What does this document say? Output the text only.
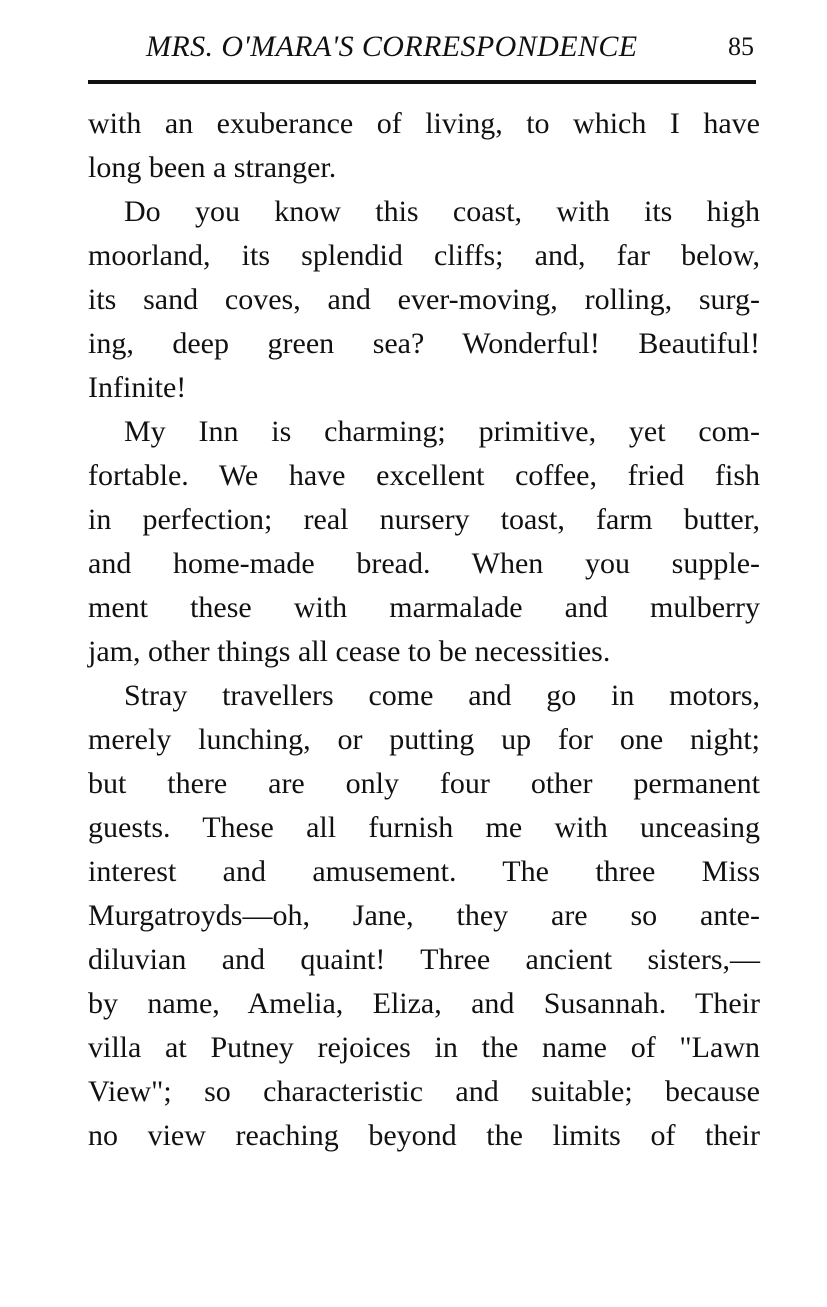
MRS. O'MARA'S CORRESPONDENCE	85

with an exuberance of living, to which I have
long been a stranger.

Do you know this coast, with its high
moorland, its splendid cliffs; and, far below,
its sand coves, and ever-moving, rolling, surg-
ing, deep green sea? Wonderful! Beautiful!
Infinite!

My Inn is charming; primitive, yet com-
fortable. We have excellent coffee, fried fish
in perfection; real nursery toast, farm butter,
and home-made bread. When you supple-
ment these with marmalade and mulberry
jam, other things all cease to be necessities.

Stray travellers come and go in motors,
merely lunching, or putting up for one night;
but there are only four other permanent
guests. These all furnish me with unceasing
interest and amusement. The three Miss
Murgatroyds—oh, Jane, they are so ante-
diluvian and quaint! Three ancient sisters,—
by name, Amelia, Eliza, and Susannah. Their
villa at Putney rejoices in the name of "Lawn
View"; so characteristic and suitable; because
no view reaching beyond the limits of their
